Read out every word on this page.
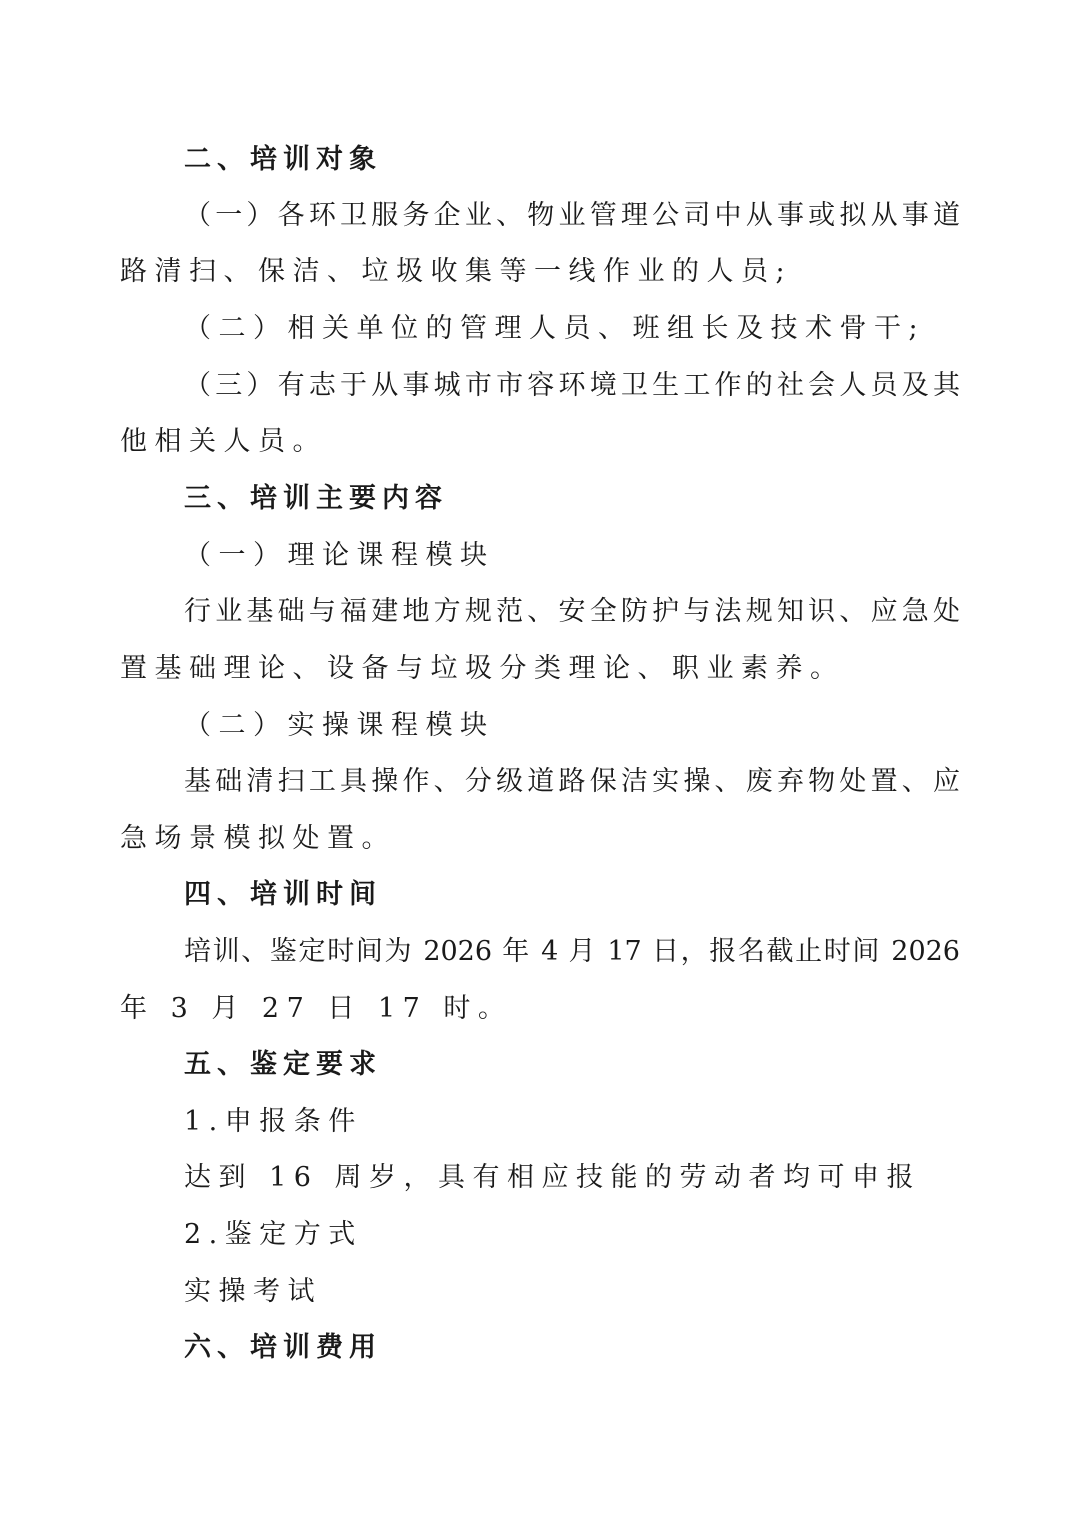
二、培训对象
（一）各环卫服务企业、物业管理公司中从事或拟从事道
路清扫、保洁、垃圾收集等一线作业的人员;
（二）相关单位的管理人员、班组长及技术骨干;
（三）有志于从事城市市容环境卫生工作的社会人员及其
他相关人员。
三、培训主要内容
（一）理论课程模块
行业基础与福建地方规范、安全防护与法规知识、应急处
置基础理论、设备与垃圾分类理论、职业素养。
（二）实操课程模块
基础清扫工具操作、分级道路保洁实操、废弃物处置、应
急场景模拟处置。
四、培训时间
培训、鉴定时间为 2026 年 4 月 17 日，报名截止时间 2026
年 3 月 27 日 17 时。
五、鉴定要求
1.申报条件
达到 16 周岁，具有相应技能的劳动者均可申报
2.鉴定方式
实操考试
六、培训费用
